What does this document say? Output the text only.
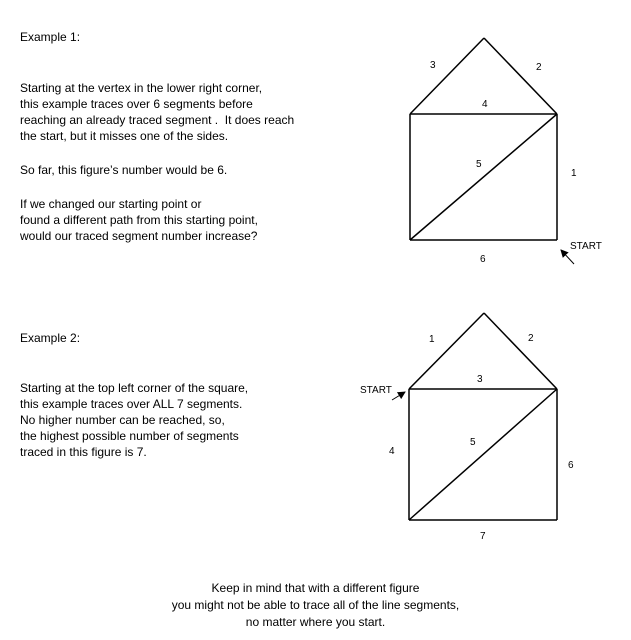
Example 1:
Starting at the vertex in the lower right corner,
this example traces over 6 segments before
reaching an already traced segment .  It does reach
the start, but it misses one of the sides.
So far, this figure’s number would be 6.
If we changed our starting point or
found a different path from this starting point,
would our traced segment number increase?
Example 2:
Starting at the top left corner of the square,
this example traces over ALL 7 segments.
No higher number can be reached, so,
the highest possible number of segments
traced in this figure is 7.
1
2
3
4
5
6
START
1	2
3
4
5
6
7
START
Keep in mind that with a different figure
you might not be able to trace all of the line segments,
no matter where you start.
